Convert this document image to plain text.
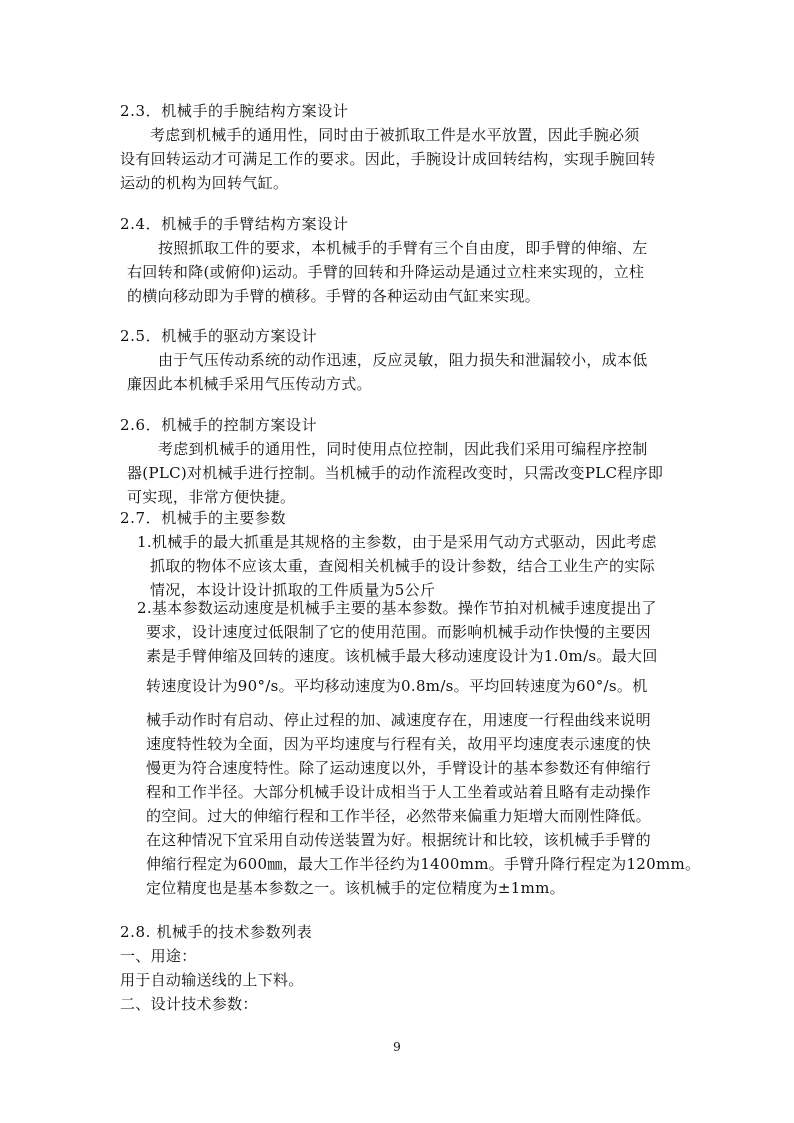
2.3．机械手的手腕结构方案设计
考虑到机械手的通用性，同时由于被抓取工件是水平放置，因此手腕必须
设有回转运动才可满足工作的要求。因此，手腕设计成回转结构，实现手腕回转
运动的机构为回转气缸。
2.4．机械手的手臂结构方案设计
按照抓取工件的要求，本机械手的手臂有三个自由度，即手臂的伸缩、左
右回转和降(或俯仰)运动。手臂的回转和升降运动是通过立柱来实现的，立柱
的横向移动即为手臂的横移。手臂的各种运动由气缸来实现。
2.5．机械手的驱动方案设计
由于气压传动系统的动作迅速，反应灵敏，阻力损失和泄漏较小，成本低
廉因此本机械手采用气压传动方式。
2.6．机械手的控制方案设计
考虑到机械手的通用性，同时使用点位控制，因此我们采用可编程序控制
器(PLC)对机械手进行控制。当机械手的动作流程改变时，只需改变PLC程序即
可实现，非常方便快捷。
2.7．机械手的主要参数
1.机械手的最大抓重是其规格的主参数，由于是采用气动方式驱动，因此考虑
抓取的物体不应该太重，查阅相关机械手的设计参数，结合工业生产的实际
情况，本设计设计抓取的工件质量为5公斤
2.基本参数运动速度是机械手主要的基本参数。操作节拍对机械手速度提出了
要求，设计速度过低限制了它的使用范围。而影响机械手动作快慢的主要因
素是手臂伸缩及回转的速度。该机械手最大移动速度设计为1.0m/s。最大回
转速度设计为90°/s。平均移动速度为0.8m/s。平均回转速度为60°/s。机
械手动作时有启动、停止过程的加、减速度存在，用速度一行程曲线来说明
速度特性较为全面，因为平均速度与行程有关，故用平均速度表示速度的快
慢更为符合速度特性。除了运动速度以外，手臂设计的基本参数还有伸缩行
程和工作半径。大部分机械手设计成相当于人工坐着或站着且略有走动操作
的空间。过大的伸缩行程和工作半径，必然带来偏重力矩增大而刚性降低。
在这种情况下宜采用自动传送装置为好。根据统计和比较，该机械手手臂的
伸缩行程定为600㎜，最大工作半径约为1400mm。手臂升降行程定为120mm。
定位精度也是基本参数之一。该机械手的定位精度为±1mm。
2.8. 机械手的技术参数列表
一、用途：
用于自动输送线的上下料。
二、设计技术参数：
9
